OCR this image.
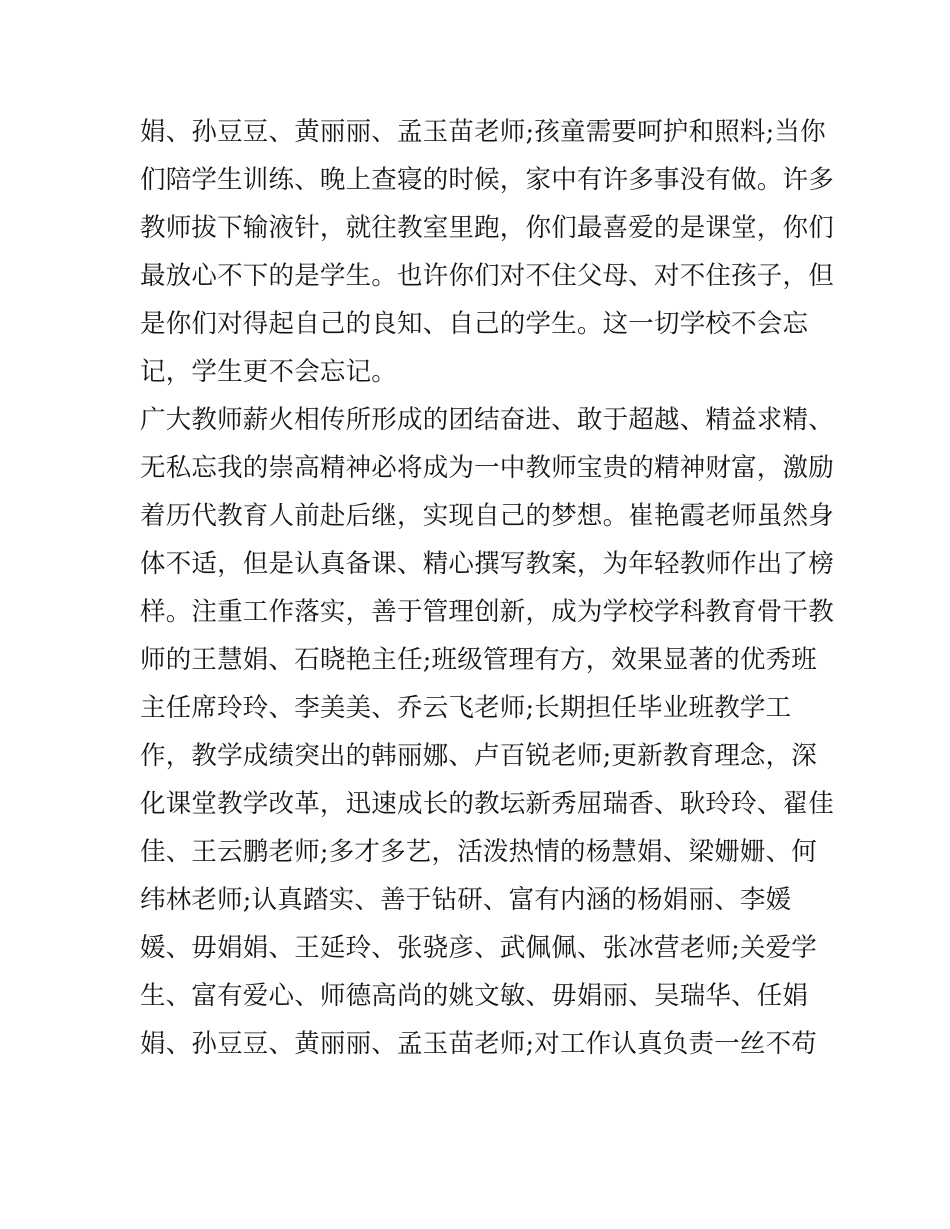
娟、孙豆豆、黄丽丽、孟玉苗老师;孩童需要呵护和照料;当你
们陪学生训练、晚上查寝的时候，家中有许多事没有做。许多
教师拔下输液针，就往教室里跑，你们最喜爱的是课堂，你们
最放心不下的是学生。也许你们对不住父母、对不住孩子，但
是你们对得起自己的良知、自己的学生。这一切学校不会忘
记，学生更不会忘记。
广大教师薪火相传所形成的团结奋进、敢于超越、精益求精、
无私忘我的崇高精神必将成为一中教师宝贵的精神财富，激励
着历代教育人前赴后继，实现自己的梦想。崔艳霞老师虽然身
体不适，但是认真备课、精心撰写教案，为年轻教师作出了榜
样。注重工作落实，善于管理创新，成为学校学科教育骨干教
师的王慧娟、石晓艳主任;班级管理有方，效果显著的优秀班
主任席玲玲、李美美、乔云飞老师;长期担任毕业班教学工
作，教学成绩突出的韩丽娜、卢百锐老师;更新教育理念，深
化课堂教学改革，迅速成长的教坛新秀屈瑞香、耿玲玲、翟佳
佳、王云鹏老师;多才多艺，活泼热情的杨慧娟、梁姗姗、何
纬林老师;认真踏实、善于钻研、富有内涵的杨娟丽、李媛
媛、毋娟娟、王延玲、张骁彦、武佩佩、张冰营老师;关爱学
生、富有爱心、师德高尚的姚文敏、毋娟丽、吴瑞华、任娟
娟、孙豆豆、黄丽丽、孟玉苗老师;对工作认真负责一丝不苟
